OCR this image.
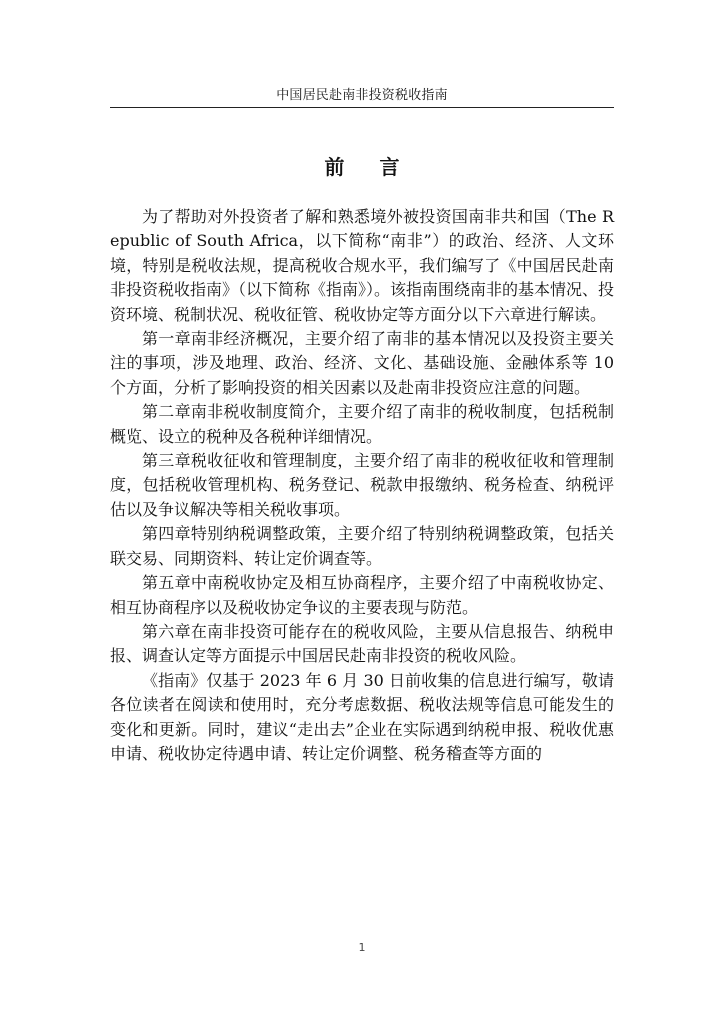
中国居民赴南非投资税收指南
前 言

为了帮助对外投资者了解和熟悉境外被投资国南非共和国（The Republic of South Africa，以下简称“南非”）的政治、经济、人文环境，特别是税收法规，提高税收合规水平，我们编写了《中国居民赴南非投资税收指南》（以下简称《指南》）。该指南围绕南非的基本情况、投资环境、税制状况、税收征管、税收协定等方面分以下六章进行解读。

第一章南非经济概况，主要介绍了南非的基本情况以及投资主要关注的事项，涉及地理、政治、经济、文化、基础设施、金融体系等 10 个方面，分析了影响投资的相关因素以及赴南非投资应注意的问题。

第二章南非税收制度简介，主要介绍了南非的税收制度，包括税制概览、设立的税种及各税种详细情况。

第三章税收征收和管理制度，主要介绍了南非的税收征收和管理制度，包括税收管理机构、税务登记、税款申报缴纳、税务检查、纳税评估以及争议解决等相关税收事项。

第四章特别纳税调整政策，主要介绍了特别纳税调整政策，包括关联交易、同期资料、转让定价调查等。

第五章中南税收协定及相互协商程序，主要介绍了中南税收协定、相互协商程序以及税收协定争议的主要表现与防范。

第六章在南非投资可能存在的税收风险，主要从信息报告、纳税申报、调查认定等方面提示中国居民赴南非投资的税收风险。

《指南》仅基于 2023 年 6 月 30 日前收集的信息进行编写，敬请各位读者在阅读和使用时，充分考虑数据、税收法规等信息可能发生的变化和更新。同时，建议“走出去”企业在实际遇到纳税申报、税收优惠申请、税收协定待遇申请、转让定价调整、税务稽查等方面的

1
